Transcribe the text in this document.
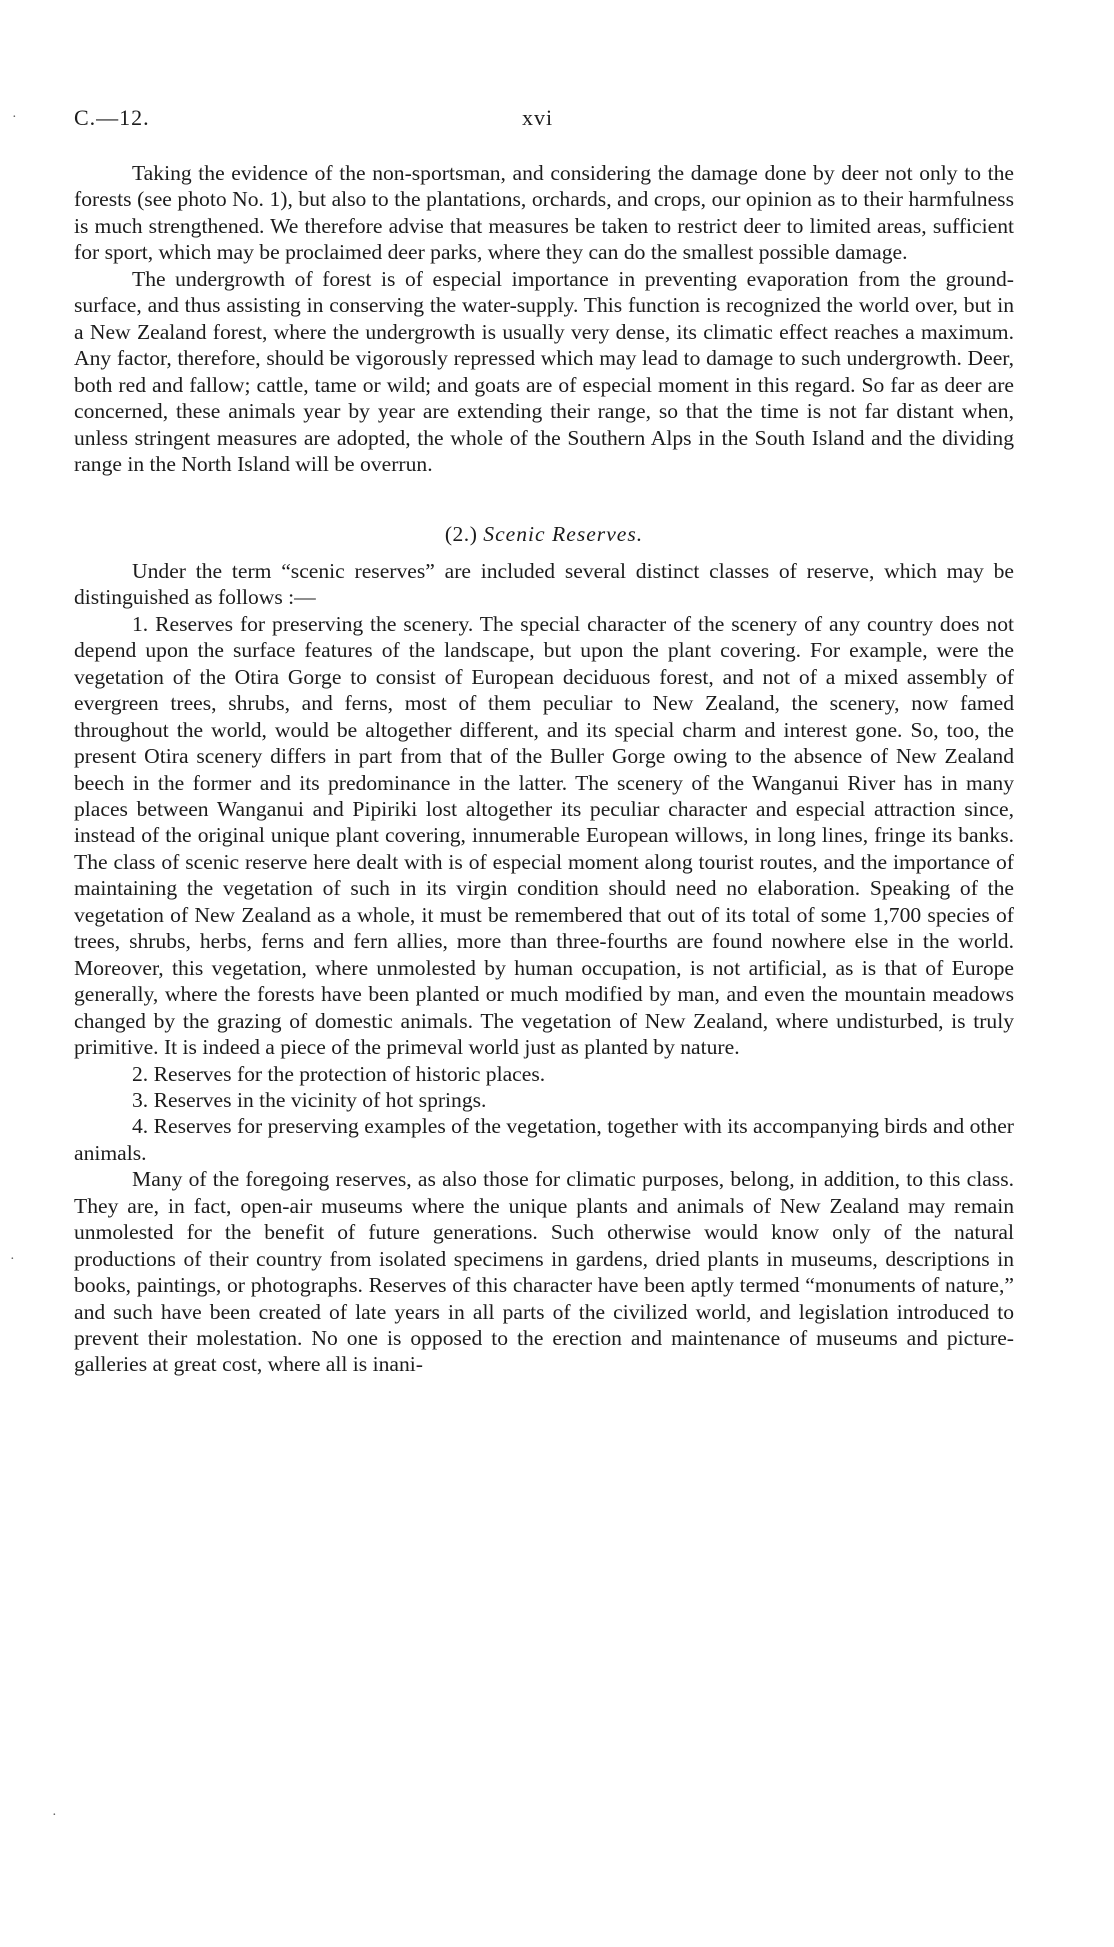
C.—12.	xvi

Taking the evidence of the non-sportsman, and considering the damage done by deer not only to the forests (see photo No. 1), but also to the plantations, orchards, and crops, our opinion as to their harmfulness is much strengthened. We therefore advise that measures be taken to restrict deer to limited areas, sufficient for sport, which may be proclaimed deer parks, where they can do the smallest possible damage.

The undergrowth of forest is of especial importance in preventing evaporation from the ground-surface, and thus assisting in conserving the water-supply. This function is recognized the world over, but in a New Zealand forest, where the undergrowth is usually very dense, its climatic effect reaches a maximum. Any factor, therefore, should be vigorously repressed which may lead to damage to such undergrowth. Deer, both red and fallow; cattle, tame or wild; and goats are of especial moment in this regard. So far as deer are concerned, these animals year by year are extending their range, so that the time is not far distant when, unless stringent measures are adopted, the whole of the Southern Alps in the South Island and the dividing range in the North Island will be overrun.

(2.) Scenic Reserves.

Under the term “scenic reserves” are included several distinct classes of reserve, which may be distinguished as follows :—

1. Reserves for preserving the scenery. The special character of the scenery of any country does not depend upon the surface features of the landscape, but upon the plant covering. For example, were the vegetation of the Otira Gorge to consist of European deciduous forest, and not of a mixed assembly of evergreen trees, shrubs, and ferns, most of them peculiar to New Zealand, the scenery, now famed throughout the world, would be altogether different, and its special charm and interest gone. So, too, the present Otira scenery differs in part from that of the Buller Gorge owing to the absence of New Zealand beech in the former and its predominance in the latter. The scenery of the Wanganui River has in many places between Wanganui and Pipiriki lost altogether its peculiar character and especial attraction since, instead of the original unique plant covering, innumerable European willows, in long lines, fringe its banks. The class of scenic reserve here dealt with is of especial moment along tourist routes, and the importance of maintaining the vegetation of such in its virgin condition should need no elaboration. Speaking of the vegetation of New Zealand as a whole, it must be remembered that out of its total of some 1,700 species of trees, shrubs, herbs, ferns and fern allies, more than three-fourths are found nowhere else in the world. Moreover, this vegetation, where unmolested by human occupation, is not artificial, as is that of Europe generally, where the forests have been planted or much modified by man, and even the mountain meadows changed by the grazing of domestic animals. The vegetation of New Zealand, where undisturbed, is truly primitive. It is indeed a piece of the primeval world just as planted by nature.

2. Reserves for the protection of historic places.

3. Reserves in the vicinity of hot springs.

4. Reserves for preserving examples of the vegetation, together with its accompanying birds and other animals.

Many of the foregoing reserves, as also those for climatic purposes, belong, in addition, to this class. They are, in fact, open-air museums where the unique plants and animals of New Zealand may remain unmolested for the benefit of future generations. Such otherwise would know only of the natural productions of their country from isolated specimens in gardens, dried plants in museums, descriptions in books, paintings, or photographs. Reserves of this character have been aptly termed “monuments of nature,” and such have been created of late years in all parts of the civilized world, and legislation introduced to prevent their molestation. No one is opposed to the erection and maintenance of museums and picture-galleries at great cost, where all is inani-

·
·
·
